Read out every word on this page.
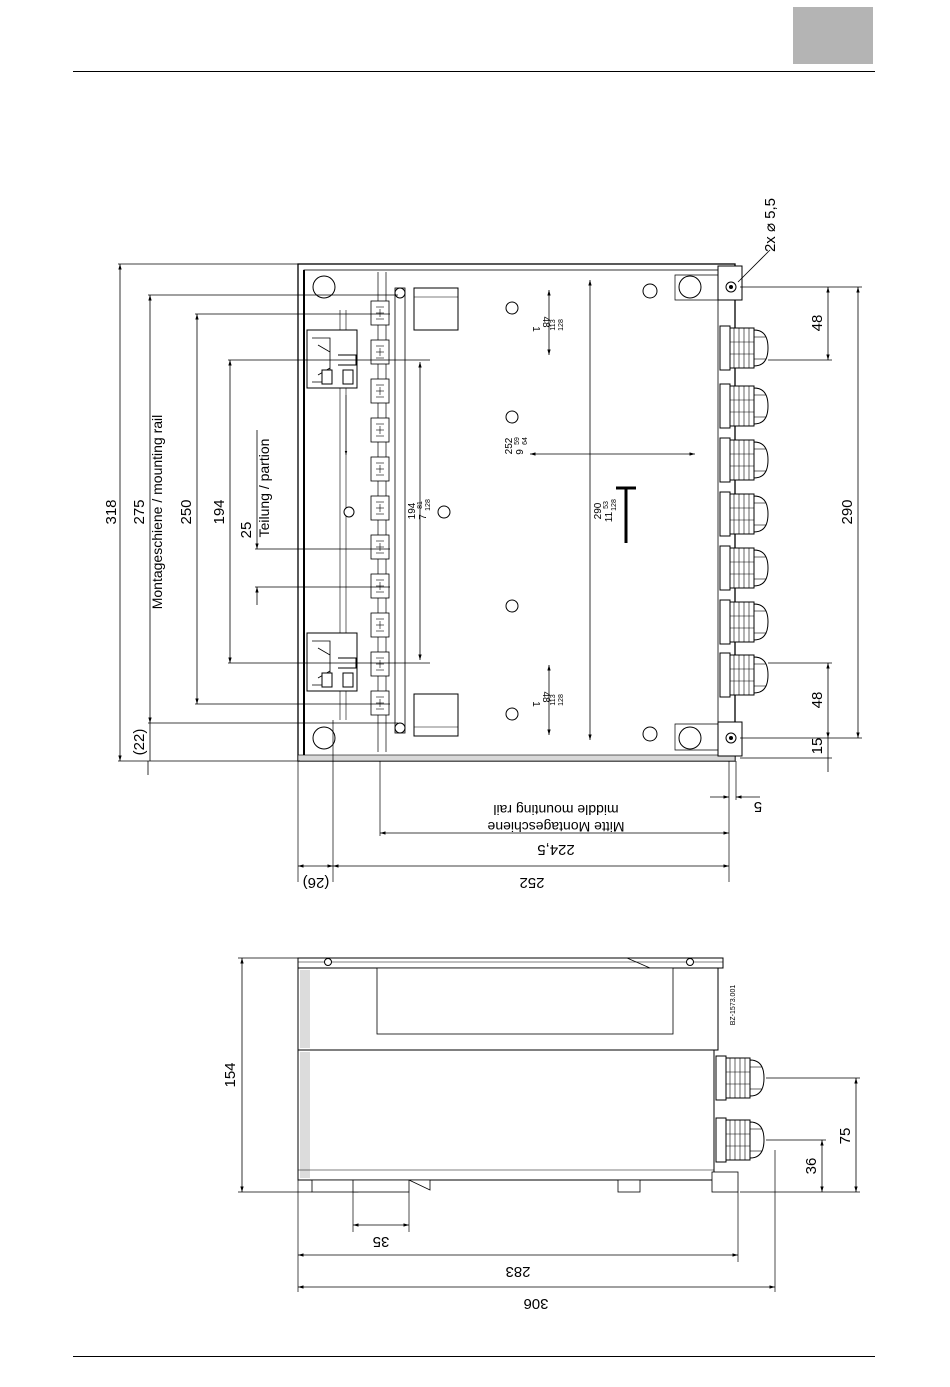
252 9
59 64
290 11
53 128
194 7
81 128
48
1 113 128
48
1 113 128
318 275 Montageschiene / mounting rail
(22)
250 194
25 Teilung / partion
48
48
15
290
2x ⌀ 5,5
5
middle mounting rail
Mitte Montageschiene
224,5
(26)	252
BZ-1573.001
154
75
36
35
283
306
